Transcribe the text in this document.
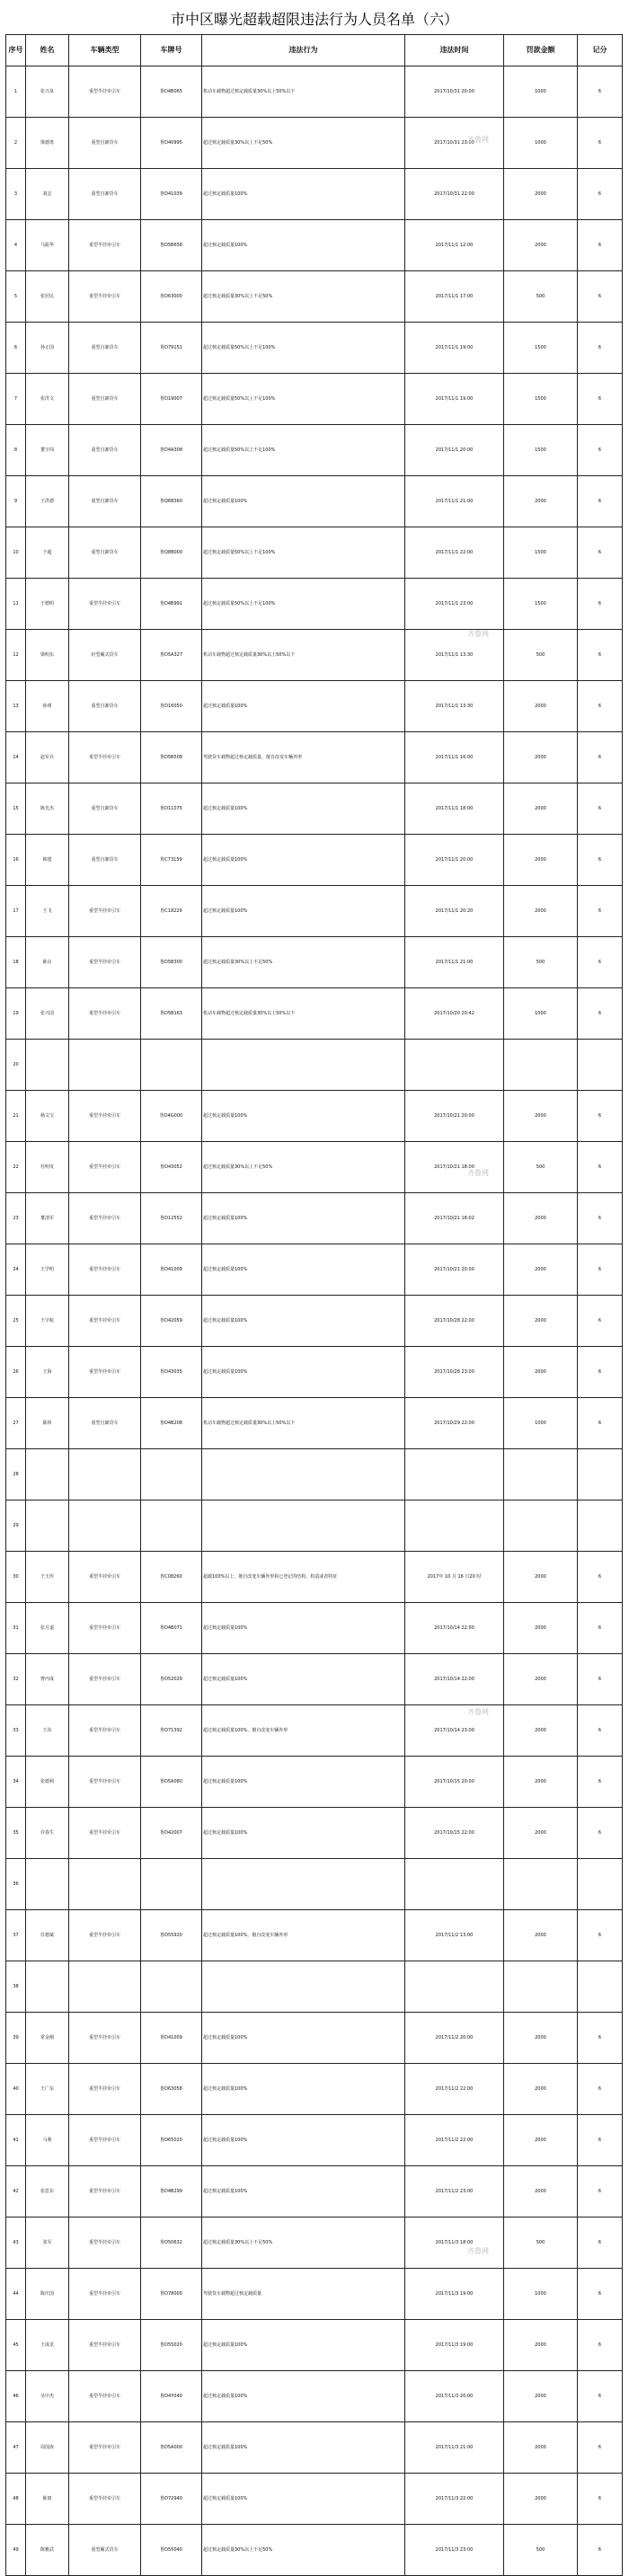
市中区曝光超载超限违法行为人员名单（六）
序号	姓名	车辆类型	车牌号	违法行为	违法时间	罚款金额	记分
1	张兴泉	重型半挂牵引车	鲁D4B065	机动车载物超过核定载质量30%以上50%以下	2017/10/31 20:00	1000	6
2	梁德勇	重型自卸货车	鲁D40995	超过核定载质量30%以上不足50%	2017/10/31 23:00	1000	6
3	刘志	重型自卸货车	鲁D41039	超过核定载质量100%	2017/10/31 22:00	2000	6
4	马振华	重型半挂牵引车	鲁D5B658	超过核定载质量100%	2017/11/1 12:00	2000	6
5	张居民	重型半挂牵引车	鲁D63000	超过核定载质量30%以上不足50%	2017/11/1 17:00	500	6
6	孙正国	重型自卸货车	鲁D79151	超过核定载质量50%以上不足100%	2017/11/1 19:00	1500	6
7	张洪文	重型自卸货车	鲁D19007	超过核定载质量50%以上不足100%	2017/11/1 19:00	1500	6
8	董宇闯	重型自卸货车	鲁D4A308	超过核定载质量50%以上不足100%	2017/11/1 20:00	1500	6
9	王洪德	重型自卸货车	鲁Q6B360	超过核定载质量100%	2017/11/1 21:00	2000	6
10	于超	重型自卸货车	鲁Q8B000	超过核定载质量50%以上不足100%	2017/11/1 22:00	1500	6
11	于德明	重型半挂牵引车	鲁D4B991	超过核定载质量50%以上不足100%	2017/11/1 23:00	1500	6
12	梁明东	轻型厢式货车	鲁D5A327	机动车载物超过核定载质量30%以上50%以下	2017/11/1 13:30	500	6
13	孙明	重型自卸货车	鲁D16050	超过核定载质量100%	2017/11/1 13:30	2000	6
14	赵军兵	重型半挂牵引车	鲁D5B508	驾驶货车载物超过核定载质量，擅自改变车辆外形	2017/11/1 16:00	2000	6
15	陈光杰	重型自卸货车	鲁D11075	超过核定载质量100%	2017/11/1 18:00	2000	6
16	韩建	重型自卸货车	鲁C73159	超过核定载质量100%	2017/11/1 20:00	2000	6
17	王飞	重型半挂牵引车	鲁C18229	超过核定载质量100%	2017/11/1 20:20	2000	6
18	陈良	重型半挂牵引车	鲁D5B300	超过核定载质量30%以上不足50%	2017/11/1 21:00	500	6
19	张兴国	重型半挂牵引车	鲁D5B163	机动车载物超过核定载质量30%以上50%以下	2017/10/20 20:42	1000	6
20							
21	杨文宝	重型半挂牵引车	鲁D4G000	超过核定载质量100%	2017/10/21 20:00	2000	6
22	杜明发	重型半挂牵引车	鲁D43052	超过核定载质量30%以上不足50%	2017/10/21 18:00	500	6
23	董清军	重型半挂牵引车	鲁D12552	超过核定载质量100%	2017/10/21 18:02	2000	6
24	王学明	重型半挂牵引车	鲁D41009	超过核定载质量100%	2017/10/21 20:00	2000	6
25	王宇航	重型半挂牵引车	鲁D42059	超过核定载质量100%	2017/10/28 22:00	2000	6
26	王海	重型半挂牵引车	鲁D43035	超过核定载质量100%	2017/10/28 23:00	2000	6
27	陈林	重型自卸货车	鲁D4B208	机动车载物超过核定载质量30%以上50%以下	2017/10/29 22:00	1000	6
28							
29							
30	王玉传	重型半挂牵引车	鲁C08260	超载100%以上，擅自改变车辆外形和已登记的结构、构造或者特征	2017年 10 月 16 日20 时	2000	6
31	张月道	重型半挂牵引车	鲁D4B071	超过核定载质量100%	2017/10/14 22:00	2000	6
32	曹丙成	重型半挂牵引车	鲁D52029	超过核定载质量100%	2017/10/14 22:00	2000	6
33	王东	重型半挂牵引车	鲁D71392	超过核定载质量100%，擅自改变车辆外形	2017/10/14 23:00	2000	6
34	张德利	重型半挂牵引车	鲁D5A080	超过核定载质量100%	2017/10/15 20:00	2000	6
35	许春生	重型半挂牵引车	鲁D42007	超过核定载质量100%	2017/10/15 22:00	2000	6
36							
37	任德斌	重型半挂牵引车	鲁D55920	超过核定载质量100%，擅自改变车辆外形	2017/11/2 13:00	2000	6
38							
39	常金刚	重型半挂牵引车	鲁D41009	超过核定载质量100%	2017/11/2 20:00	2000	6
40	王广东	重型半挂牵引车	鲁D63058	超过核定载质量100%	2017/11/2 22:00	2000	6
41	马利	重型半挂牵引车	鲁D65020	超过核定载质量100%	2017/11/2 22:00	2000	6
42	张思东	重型半挂牵引车	鲁D4B299	超过核定载质量100%	2017/11/2 23:00	2000	6
43	张军	重型半挂牵引车	鲁D50632	超过核定载质量30%以上不足50%	2017/11/3 18:00	500	6
44	陈庆国	重型半挂牵引车	鲁D78000	驾驶货车载物超过核定载质量	2017/11/3 19:00	1000	6
45	王成龙	重型半挂牵引车	鲁D55020	超过核定载质量100%	2017/11/3 19:00	2000	6
46	吴中杰	重型半挂牵引车	鲁D4Y040	超过核定载质量100%	2017/11/3 20:00	2000	6
47	周国涛	重型半挂牵引车	鲁D5A000	超过核定载质量100%	2017/11/3 21:00	2000	6
48	陈雨	重型半挂牵引车	鲁D72940	超过核定载质量100%	2017/11/3 22:00	2000	6
49	陈雅武	重型厢式货车	鲁D55040	超过核定载质量30%以上不足50%	2017/11/3 23:00	500	6
齐鲁网
齐鲁网
齐鲁网
齐鲁网
齐鲁网
